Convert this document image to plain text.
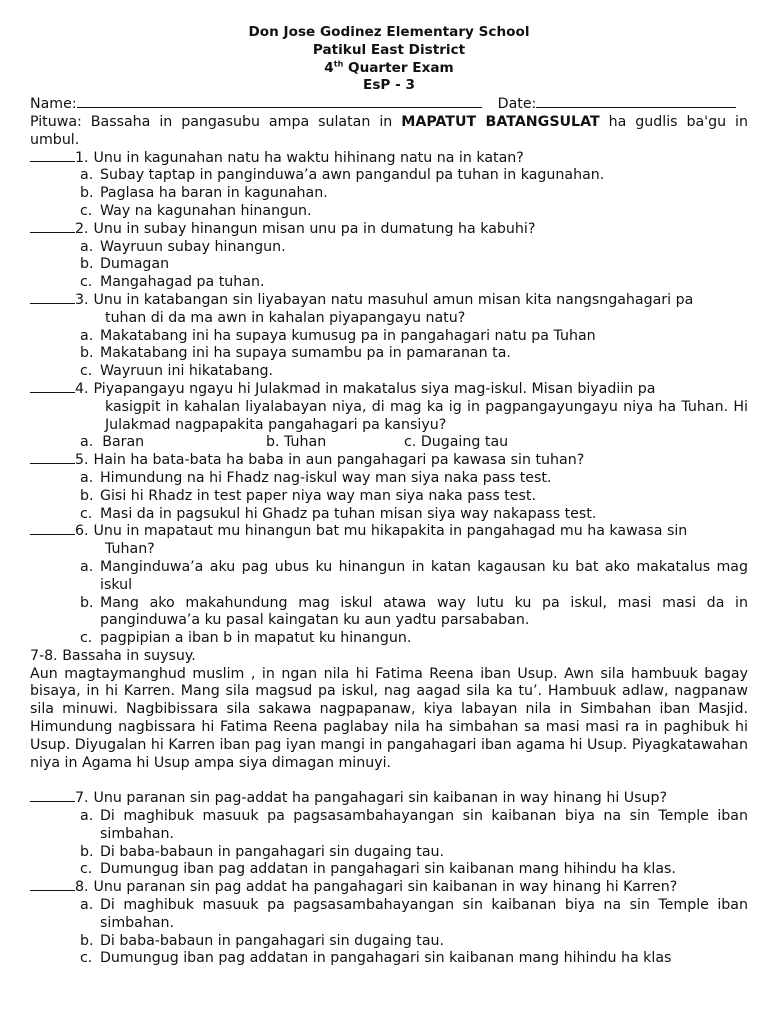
Don Jose Godinez Elementary School
Patikul East District
4th Quarter Exam
EsP - 3
Name:	Date:
Pituwa: Bassaha in pangasubu ampa sulatan in MAPATUT BATANGSULAT ha gudlis ba'gu in umbul.
1. Unu in kagunahan natu ha waktu hihinang natu na in katan?
a. Subay taptap in panginduwa’a awn pangandul pa tuhan in kagunahan.
b. Paglasa ha baran in kagunahan.
c. Way na kagunahan hinangun.
2. Unu in subay hinangun misan unu pa in dumatung ha kabuhi?
a. Wayruun subay hinangun.
b. Dumagan
c. Mangahagad pa tuhan.
3. Unu in katabangan sin liyabayan natu masuhul amun misan kita nangsngahagari pa
tuhan di da ma awn in kahalan piyapangayu natu?
a. Makatabang ini ha supaya kumusug pa in pangahagari natu pa Tuhan
b. Makatabang ini ha supaya sumambu pa in pamaranan ta.
c. Wayruun ini hikatabang.
4. Piyapangayu ngayu hi Julakmad in makatalus siya mag-iskul. Misan biyadiin pa
kasigpit in kahalan liyalabayan niya, di mag ka ig in pagpangayungayu niya ha Tuhan. Hi Julakmad nagpapakita pangahagari pa kansiyu?
a.  Baran	b. Tuhan	c. Dugaing tau
5. Hain ha bata-bata ha baba in aun pangahagari pa kawasa sin tuhan?
a. Himundung na hi Fhadz nag-iskul way man siya naka pass test.
b. Gisi hi Rhadz in test paper niya way man siya naka pass test.
c. Masi da in pagsukul hi Ghadz pa tuhan misan siya way nakapass test.
6. Unu in mapataut mu hinangun bat mu hikapakita in pangahagad mu ha kawasa sin
Tuhan?
a. Manginduwa’a aku pag ubus ku hinangun in katan kagausan ku bat ako makatalus mag iskul
b. Mang ako makahundung mag iskul atawa way lutu ku pa iskul, masi masi da in panginduwa’a ku pasal kaingatan ku aun yadtu parsababan.
c. pagpipian a iban b in mapatut ku hinangun.
7-8. Bassaha in suysuy.
Aun magtaymanghud muslim , in ngan nila hi Fatima Reena iban Usup. Awn sila hambuuk bagay bisaya, in hi Karren. Mang sila magsud pa iskul, nag aagad sila ka tu’. Hambuuk adlaw, nagpanaw sila minuwi. Nagbibissara sila sakawa nagpapanaw, kiya labayan nila in Simbahan iban Masjid. Himundung nagbissara hi Fatima Reena paglabay nila ha simbahan sa masi masi ra in paghibuk hi Usup. Diyugalan hi Karren iban pag iyan mangi in pangahagari iban agama hi Usup. Piyagkatawahan niya in Agama hi Usup ampa siya dimagan minuyi.
7. Unu paranan sin pag-addat ha pangahagari sin kaibanan in way hinang hi Usup?
a. Di maghibuk masuuk pa pagsasambahayangan sin kaibanan biya na sin Temple iban simbahan.
b. Di baba-babaun in pangahagari sin dugaing tau.
c. Dumungug iban pag addatan in pangahagari sin kaibanan mang hihindu ha klas.
8. Unu paranan sin pag addat ha pangahagari sin kaibanan in way hinang hi Karren?
a. Di maghibuk masuuk pa pagsasambahayangan sin kaibanan biya na sin Temple iban simbahan.
b. Di baba-babaun in pangahagari sin dugaing tau.
c. Dumungug iban pag addatan in pangahagari sin kaibanan mang hihindu ha klas
